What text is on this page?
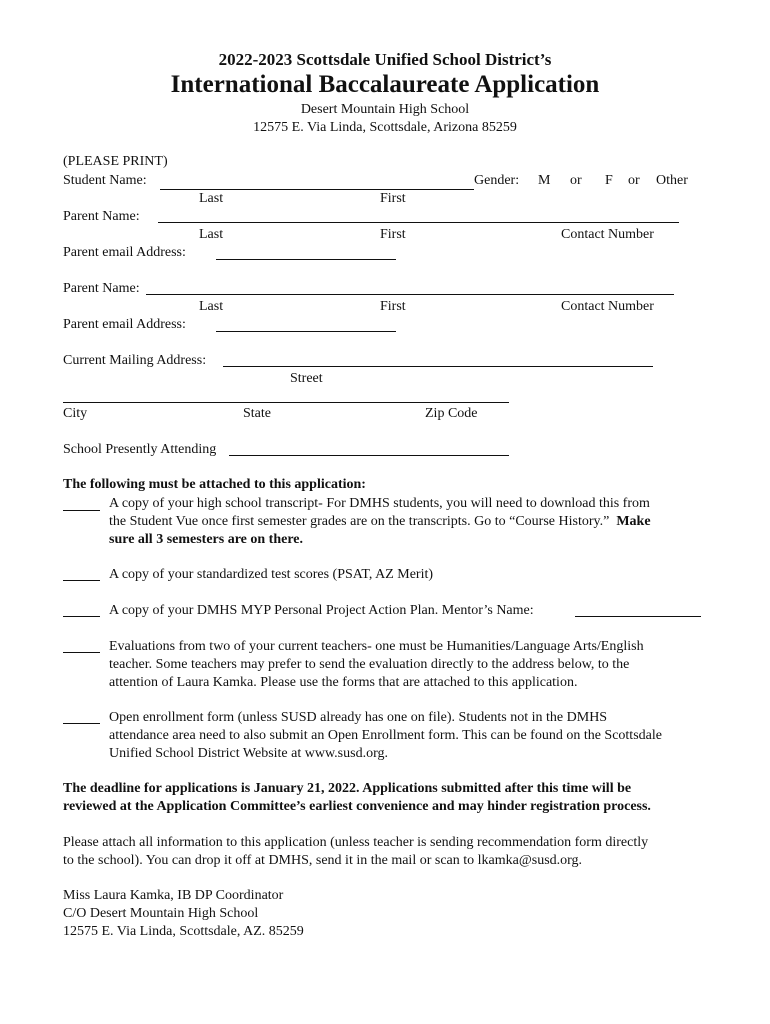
2022-2023 Scottsdale Unified School District’s
International Baccalaureate Application
Desert Mountain High School
12575 E. Via Linda, Scottsdale, Arizona 85259
(PLEASE PRINT)
Student Name:	Gender: M or F or Other
Last	First
Parent Name:
Last	First	Contact Number
Parent email Address:
Parent Name:
Last	First	Contact Number
Parent email Address:
Current Mailing Address:
Street
City	State	Zip Code
School Presently Attending
The following must be attached to this application:
A copy of your high school transcript- For DMHS students, you will need to download this from
the Student Vue once first semester grades are on the transcripts. Go to “Course History.” Make
sure all 3 semesters are on there.
A copy of your standardized test scores (PSAT, AZ Merit)
A copy of your DMHS MYP Personal Project Action Plan. Mentor’s Name:
Evaluations from two of your current teachers- one must be Humanities/Language Arts/English
teacher. Some teachers may prefer to send the evaluation directly to the address below, to the
attention of Laura Kamka. Please use the forms that are attached to this application.
Open enrollment form (unless SUSD already has one on file). Students not in the DMHS
attendance area need to also submit an Open Enrollment form. This can be found on the Scottsdale
Unified School District Website at www.susd.org.
The deadline for applications is January 21, 2022. Applications submitted after this time will be
reviewed at the Application Committee’s earliest convenience and may hinder registration process.
Please attach all information to this application (unless teacher is sending recommendation form directly
to the school). You can drop it off at DMHS, send it in the mail or scan to lkamka@susd.org.
Miss Laura Kamka, IB DP Coordinator
C/O Desert Mountain High School
12575 E. Via Linda, Scottsdale, AZ. 85259
